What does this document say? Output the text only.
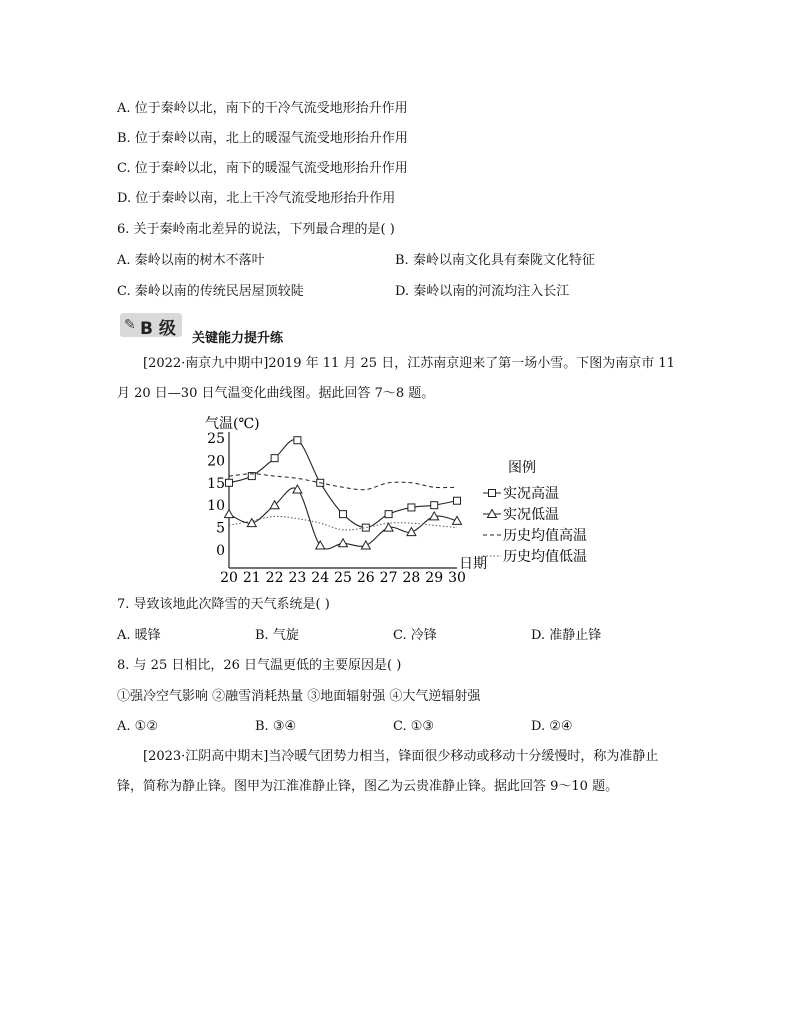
A. 位于秦岭以北，南下的干冷气流受地形抬升作用
B. 位于秦岭以南，北上的暖湿气流受地形抬升作用
C. 位于秦岭以北，南下的暖湿气流受地形抬升作用
D. 位于秦岭以南，北上干冷气流受地形抬升作用
6. 关于秦岭南北差异的说法，下列最合理的是( )
A. 秦岭以南的树木不落叶	B. 秦岭以南文化具有秦陇文化特征
C. 秦岭以南的传统民居屋顶较陡	D. 秦岭以南的河流均注入长江
✎ B 级 关键能力提升练
[2022·南京九中期中]2019 年 11 月 25 日，江苏南京迎来了第一场小雪。下图为南京市 11 月 20 日—30 日气温变化曲线图。据此回答 7～8 题。
气温(℃)
日期
0
5
10
15
20
25
20 21 22 23 24 25 26 27 28 29 30
图例
实况高温
实况低温
历史均值高温
历史均值低温
7. 导致该地此次降雪的天气系统是( )
A. 暖锋	B. 气旋	C. 冷锋	D. 准静止锋
8. 与 25 日相比，26 日气温更低的主要原因是( )
①强冷空气影响 ②融雪消耗热量 ③地面辐射强 ④大气逆辐射强
A. ①②	B. ③④	C. ①③	D. ②④
[2023·江阴高中期末]当冷暖气团势力相当，锋面很少移动或移动十分缓慢时，称为准静止锋，简称为静止锋。图甲为江淮准静止锋，图乙为云贵准静止锋。据此回答 9～10 题。
